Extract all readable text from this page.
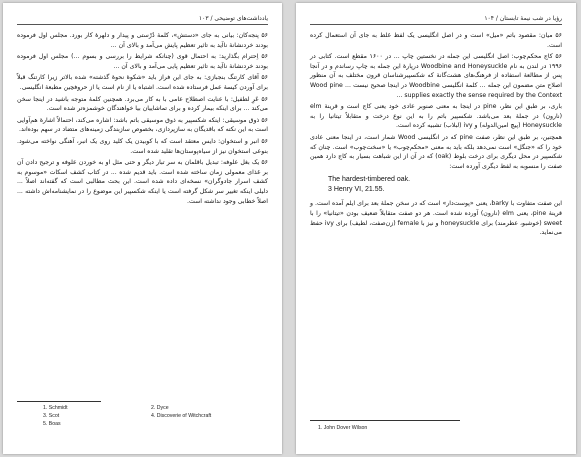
یادداشت‌های توضیحی / ۱۰۳

۵۶ پنجه‌کان: بیانی به جای «دستش»، کلمهٔ دُرْستی و پیدار و دلهرهٔ کار بورد. مجلس اول فرموده بودند خردنشانهٔ ناآید به تاثیر تعظیم پایش می‌آمد و بالای آن ...

۵۶ اِحترام بگذارید: به احتمال قوی (چنانکه شرایط را بررسی و بسوم ...) مجلس اول فرموده بودند خردنشانهٔ ناآید به تاثیر تعظیم پایی می‌آمد و بالای آن ...

۵۶ آقای کارتنگ بنجبازی: به جای این فراز باید «شکوهٔ نحوهٔ گذشته» شده بالاتر زیرا کارتنگ قبلاً برای آوردن کیسهٔ عمل فرستاده شده است. اشتباه یا از نام است یا از حروفچین مطبعهٔ انگلیسی.

۵۶ عَرِ لطفیل: با عنایت اصطلاح عامی با به کار می‌برد. همچنین کلمهٔ متوجه باشید در اینجا سخن می‌کند ... برای اینکه بیمار کرده و برای تماشاییان بیا خواهندگان خوشمزه‌تر شده است.

۵۶ ذوق موسیقی: اینکه شکسپیر به ذوق موسیقی باتم باشد: اشاره می‌کند، احتمالاً اشارهٔ هم‌آوایی است به این نکته که باقدیگان به سازپردازی، بخصوص سازبندگی زمینه‌های متضاد در سهم بوده‌اند.

۵۶ انبر و استخوان: دایس معتقد است که با کوبیدن یک کلید روی یک انبر، آهنگی نواخته می‌شود. بنوعی استخوان نیز از سیاه‌پوستان‌ها تقلید شده است.

۵۶ یک بغل علوفه: تبدیل باقلمان به سر تبار دیگر و حتی مثل او به خوردن علوفه و ترجیح دادن آن بر غذای معمولی زمان ساخته شده است. باید قدیم شده ... در کتاب کشف اسکات «موسوم به کشف اسرار جادوگران» نسخه‌ای داده شده است. این بحث مطالبی است که گفته‌اند اصلاً ... دلیلی اینکه تغییر سر شکل گرفته است یا اینکه شکسپیر این موضوع را در نمایشنامه‌اش داشته ... اصلاً خطابی وجود نداشته است.

1. Schmidt	2. Dyce
3. Scot	4. Discoverie of Witchcraft
5. Boas
۱۰۴ / رؤیا در شب نیمهٔ تابستان

۵۶ میان: مقصود باتم «میل» است و در اصل انگلیسی یک لفظ غلط به جای آن استعمال کرده است.

۵۶ کاج محکم‌چوب: اصل انگلیسی این جمله در نخستین چاپ ... در ۱۶۰۰ مقطع است. کتابی در ۱۹۹۶ در لندن به نام Woodbine and Honeysuckle درپارهٔ این جمله به چاپ رساندم و در آنجا پس از مطالعهٔ استفاده از فرهنگ‌های هشت‌گانهٔ که شکسپیرشناسان قرون مختلف به آن منظور اصلاح متن مضمون این جمله ... کلمهٔ انگلیسی Woodbine در اینجا صحیح نیست ... Wood pine ... supplies exactly the sense required by the Context

باری، بر طبق این نظر، pine در اینجا به معنی صنوبر عادی خود یعنی کاج است و قرینهٔ elm (نارون) در جملهٔ بعد می‌باشد. شکسپیر باتم را به این نوع درخت و متقابلاً تیتانیا را به Honeysuckle (پیچ امین‌الدوله) و ivy (لبلاب) تشبیه کرده است.

همچنین، بر طبق این نظر، صفت pine که در انگلیسی Wood شمار است، در اینجا معنی عادی خود را که «جنگل» است نمی‌دهد بلکه باید به معنی «محکم‌چوب» یا «سخت‌چوب» است. چنان که شکسپیر در محل دیگری برای درخت بلوط (oak) که در آن از این شباهت بسیار به کاج دارد همین صفت را منسوبه به لفظ دیگری آورده است:

The hardest-timbered oak.
3 Henry VI, 21.55.

این صفت متفاوت با barky، یعنی «پوست‌دار» است که در سخن جملهٔ بعد برای ایلم آمده است. و قرینهٔ pine، یعنی elm (نارون) آورده شده است. هر دو صفت متقابلاً ضعیف بودن «تیتانیا» را با sweet (خوشبو، عطرمند) برای honeysuckle و نیز با female (زن‌صفت، لطیف) برای ivy حفظ می‌نماید.

1. John Dover Wilson
